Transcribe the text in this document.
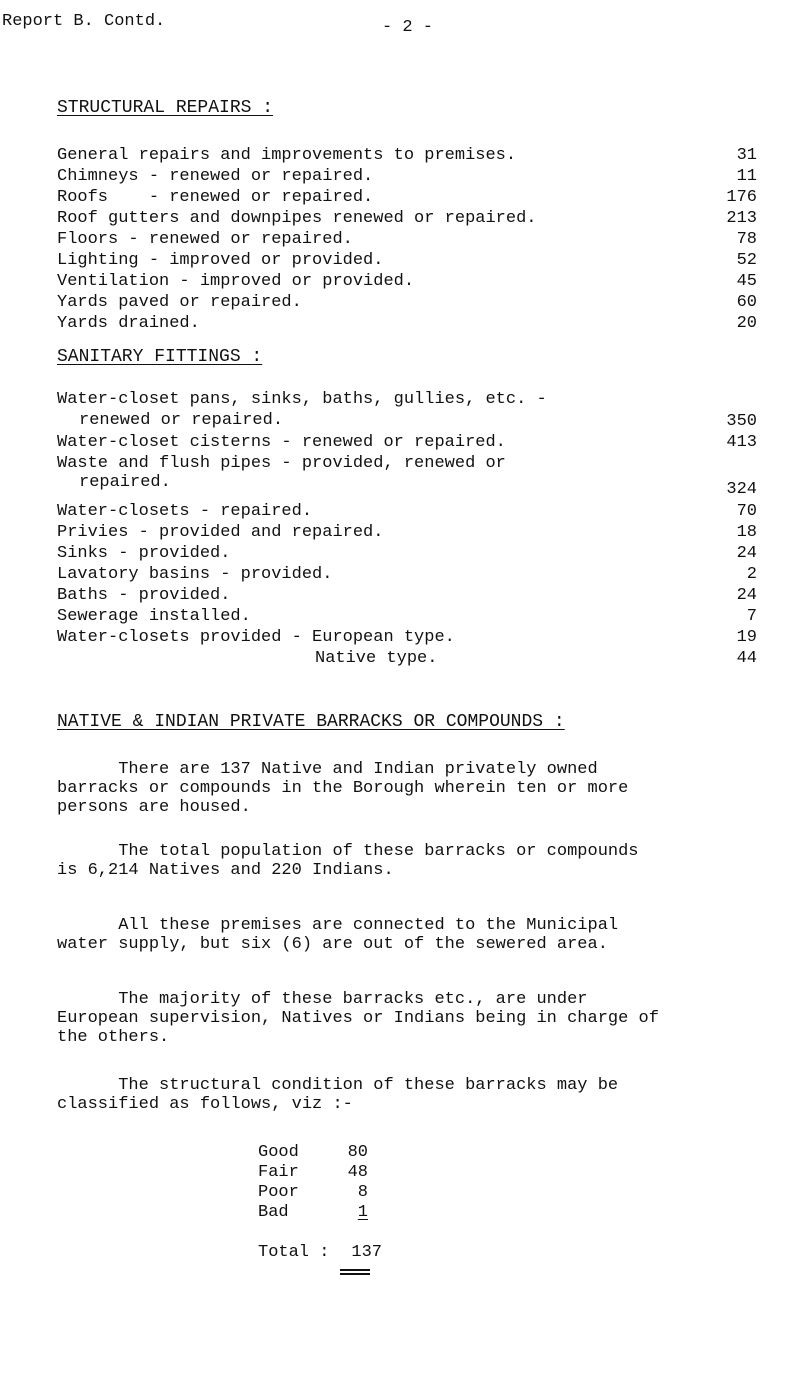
Report B. Contd.	- 2 -
STRUCTURAL REPAIRS :
General repairs and improvements to premises.	31
Chimneys - renewed or repaired.	11
Roofs    - renewed or repaired.	176
Roof gutters and downpipes renewed or repaired.	213
Floors - renewed or repaired.	78
Lighting - improved or provided.	52
Ventilation - improved or provided.	45
Yards paved or repaired.	60
Yards drained.	20
SANITARY FITTINGS :
Water-closet pans, sinks, baths, gullies, etc. -
renewed or repaired.	350
Water-closet cisterns - renewed or repaired.	413
Waste and flush pipes - provided, renewed or
repaired.	324
Water-closets - repaired.	70
Privies - provided and repaired.	18
Sinks - provided.	24
Lavatory basins - provided.	2
Baths - provided.	24
Sewerage installed.	7
Water-closets provided - European type.	19
Native type.	44
NATIVE & INDIAN PRIVATE BARRACKS OR COMPOUNDS :

There are 137 Native and Indian privately owned

barracks or compounds in the Borough wherein ten or more

persons are housed.

The total population of these barracks or compounds

is 6,214 Natives and 220 Indians.

All these premises are connected to the Municipal

water supply, but six (6) are out of the sewered area.

The majority of these barracks etc., are under

European supervision, Natives or Indians being in charge of

the others.

The structural condition of these barracks may be

classified as follows, viz :-

Good	80
Fair	48
Poor	8
Bad	1
Total : 137
